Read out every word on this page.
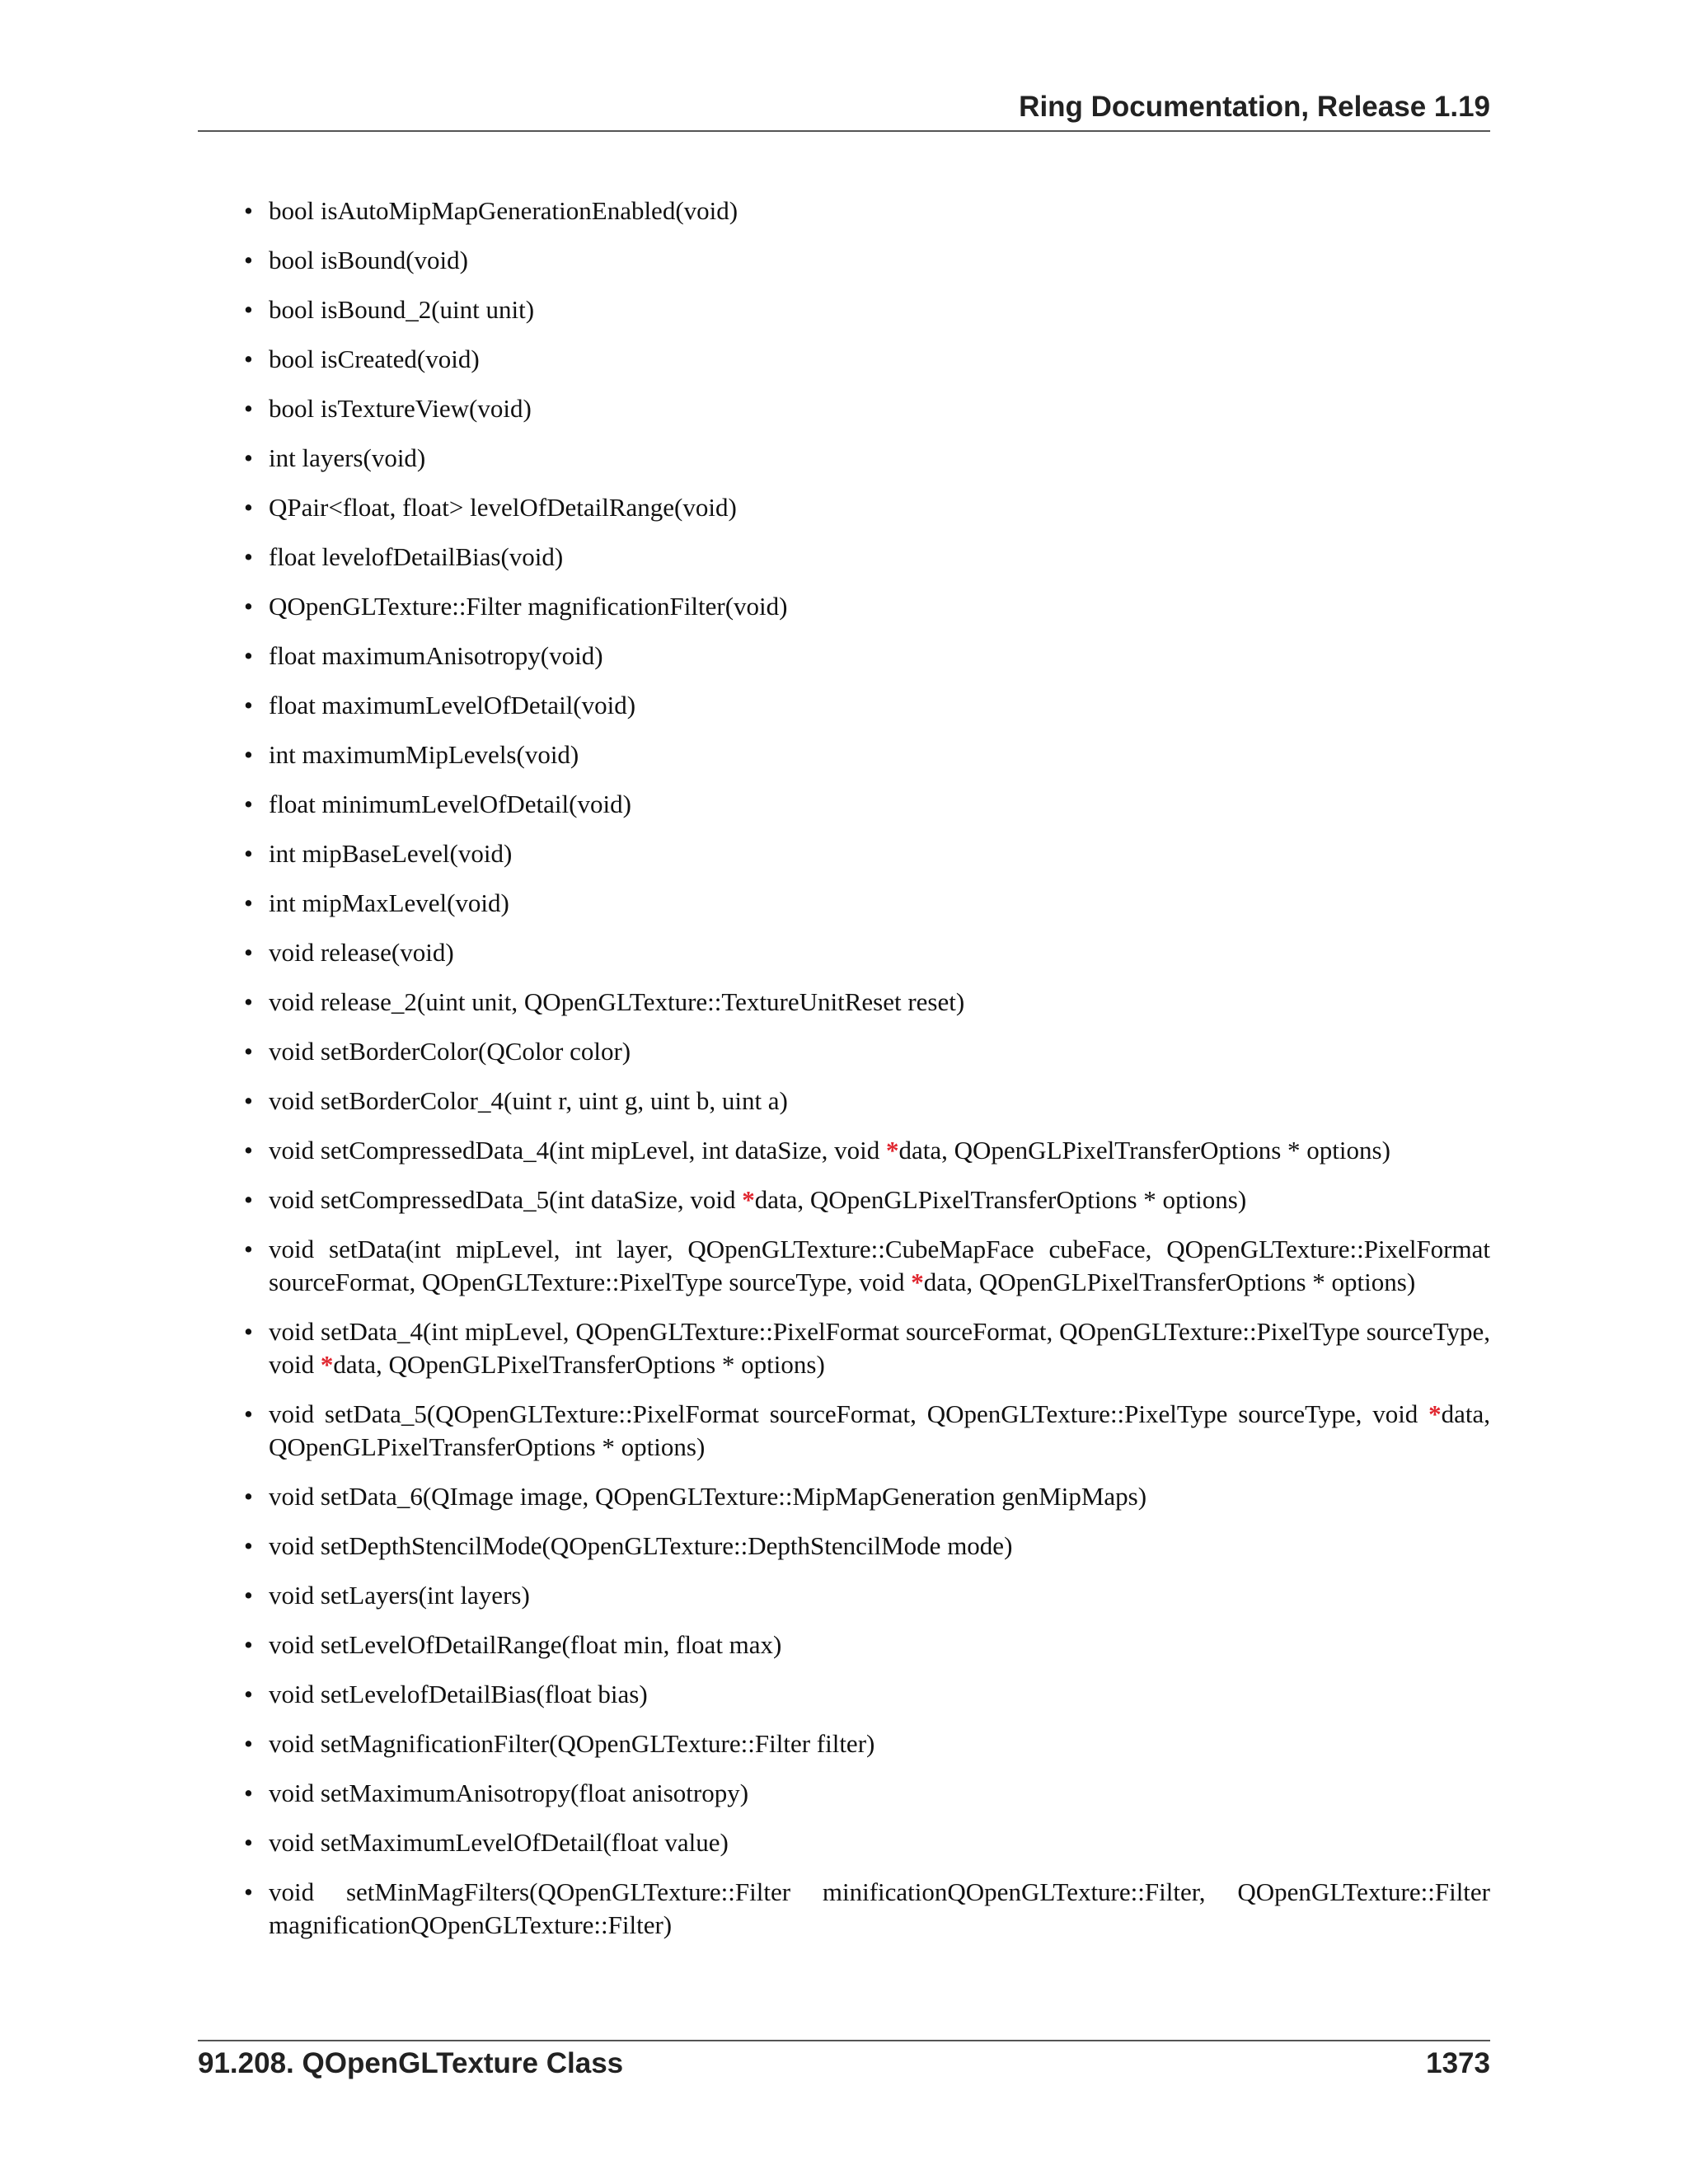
Ring Documentation, Release 1.19
• bool isAutoMipMapGenerationEnabled(void)
• bool isBound(void)
• bool isBound_2(uint unit)
• bool isCreated(void)
• bool isTextureView(void)
• int layers(void)
• QPair<float, float> levelOfDetailRange(void)
• float levelofDetailBias(void)
• QOpenGLTexture::Filter magnificationFilter(void)
• float maximumAnisotropy(void)
• float maximumLevelOfDetail(void)
• int maximumMipLevels(void)
• float minimumLevelOfDetail(void)
• int mipBaseLevel(void)
• int mipMaxLevel(void)
• void release(void)
• void release_2(uint unit, QOpenGLTexture::TextureUnitReset reset)
• void setBorderColor(QColor color)
• void setBorderColor_4(uint r, uint g, uint b, uint a)
• void setCompressedData_4(int mipLevel, int dataSize, void *data, QOpenGLPixelTransferOptions * options)
• void setCompressedData_5(int dataSize, void *data, QOpenGLPixelTransferOptions * options)
• void setData(int mipLevel, int layer, QOpenGLTexture::CubeMapFace cubeFace, QOpenGLTexture::PixelFormat sourceFormat, QOpenGLTexture::PixelType sourceType, void *data, QOpenGLPixelTransferOptions * options)
• void setData_4(int mipLevel, QOpenGLTexture::PixelFormat sourceFormat, QOpenGLTexture::PixelType sourceType, void *data, QOpenGLPixelTransferOptions * options)
• void setData_5(QOpenGLTexture::PixelFormat sourceFormat, QOpenGLTexture::PixelType sourceType, void *data, QOpenGLPixelTransferOptions * options)
• void setData_6(QImage image, QOpenGLTexture::MipMapGeneration genMipMaps)
• void setDepthStencilMode(QOpenGLTexture::DepthStencilMode mode)
• void setLayers(int layers)
• void setLevelOfDetailRange(float min, float max)
• void setLevelofDetailBias(float bias)
• void setMagnificationFilter(QOpenGLTexture::Filter filter)
• void setMaximumAnisotropy(float anisotropy)
• void setMaximumLevelOfDetail(float value)
• void setMinMagFilters(QOpenGLTexture::Filter minificationQOpenGLTexture::Filter, QOpenGLTexture::Filter magnificationQOpenGLTexture::Filter)
91.208. QOpenGLTexture Class	1373
